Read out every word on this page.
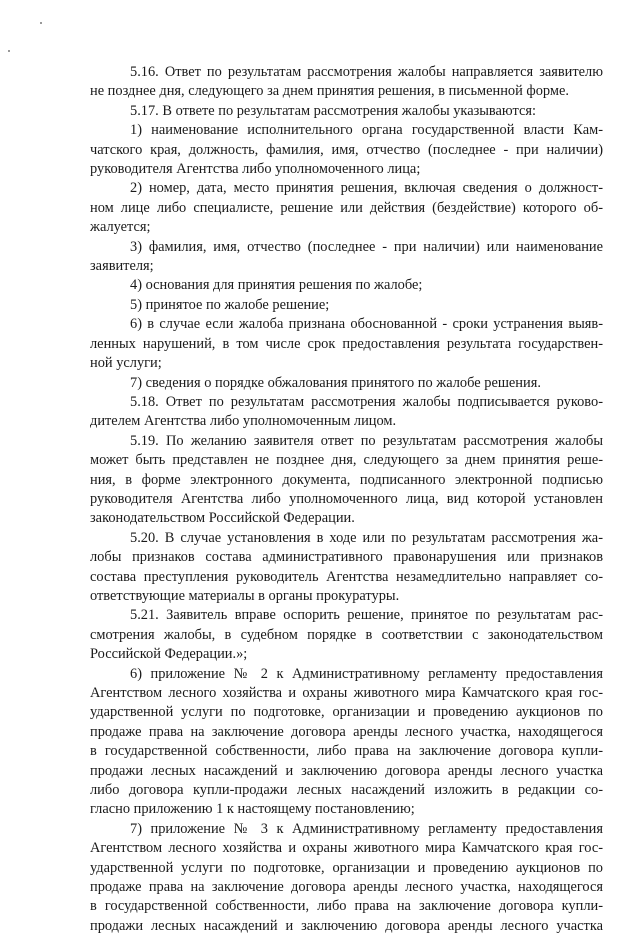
5.16. Ответ по результатам рассмотрения жалобы направляется заявителю
не позднее дня, следующего за днем принятия решения, в письменной форме.
5.17. В ответе по результатам рассмотрения жалобы указываются:
1) наименование исполнительного органа государственной власти Кам-
чатского края, должность, фамилия, имя, отчество (последнее - при наличии)
руководителя Агентства либо уполномоченного лица;
2) номер, дата, место принятия решения, включая сведения о должност-
ном лице либо специалисте, решение или действия (бездействие) которого об-
жалуется;
3) фамилия, имя, отчество (последнее - при наличии) или наименование
заявителя;
4) основания для принятия решения по жалобе;
5) принятое по жалобе решение;
6) в случае если жалоба признана обоснованной - сроки устранения выяв-
ленных нарушений, в том числе срок предоставления результата государствен-
ной услуги;
7) сведения о порядке обжалования принятого по жалобе решения.
5.18. Ответ по результатам рассмотрения жалобы подписывается руково-
дителем Агентства либо уполномоченным лицом.
5.19. По желанию заявителя ответ по результатам рассмотрения жалобы
может быть представлен не позднее дня, следующего за днем принятия реше-
ния, в форме электронного документа, подписанного электронной подписью
руководителя Агентства либо уполномоченного лица, вид которой установлен
законодательством Российской Федерации.
5.20. В случае установления в ходе или по результатам рассмотрения жа-
лобы признаков состава административного правонарушения или признаков
состава преступления руководитель Агентства незамедлительно направляет со-
ответствующие материалы в органы прокуратуры.
5.21. Заявитель вправе оспорить решение, принятое по результатам рас-
смотрения жалобы, в судебном порядке в соответствии с законодательством
Российской Федерации.»;
6) приложение № 2 к Административному регламенту предоставления
Агентством лесного хозяйства и охраны животного мира Камчатского края гос-
ударственной услуги по подготовке, организации и проведению аукционов по
продаже права на заключение договора аренды лесного участка, находящегося
в государственной собственности, либо права на заключение договора купли-
продажи лесных насаждений и заключению договора аренды лесного участка
либо договора купли-продажи лесных насаждений изложить в редакции со-
гласно приложению 1 к настоящему постановлению;
7) приложение № 3 к Административному регламенту предоставления
Агентством лесного хозяйства и охраны животного мира Камчатского края гос-
ударственной услуги по подготовке, организации и проведению аукционов по
продаже права на заключение договора аренды лесного участка, находящегося
в государственной собственности, либо права на заключение договора купли-
продажи лесных насаждений и заключению договора аренды лесного участка
